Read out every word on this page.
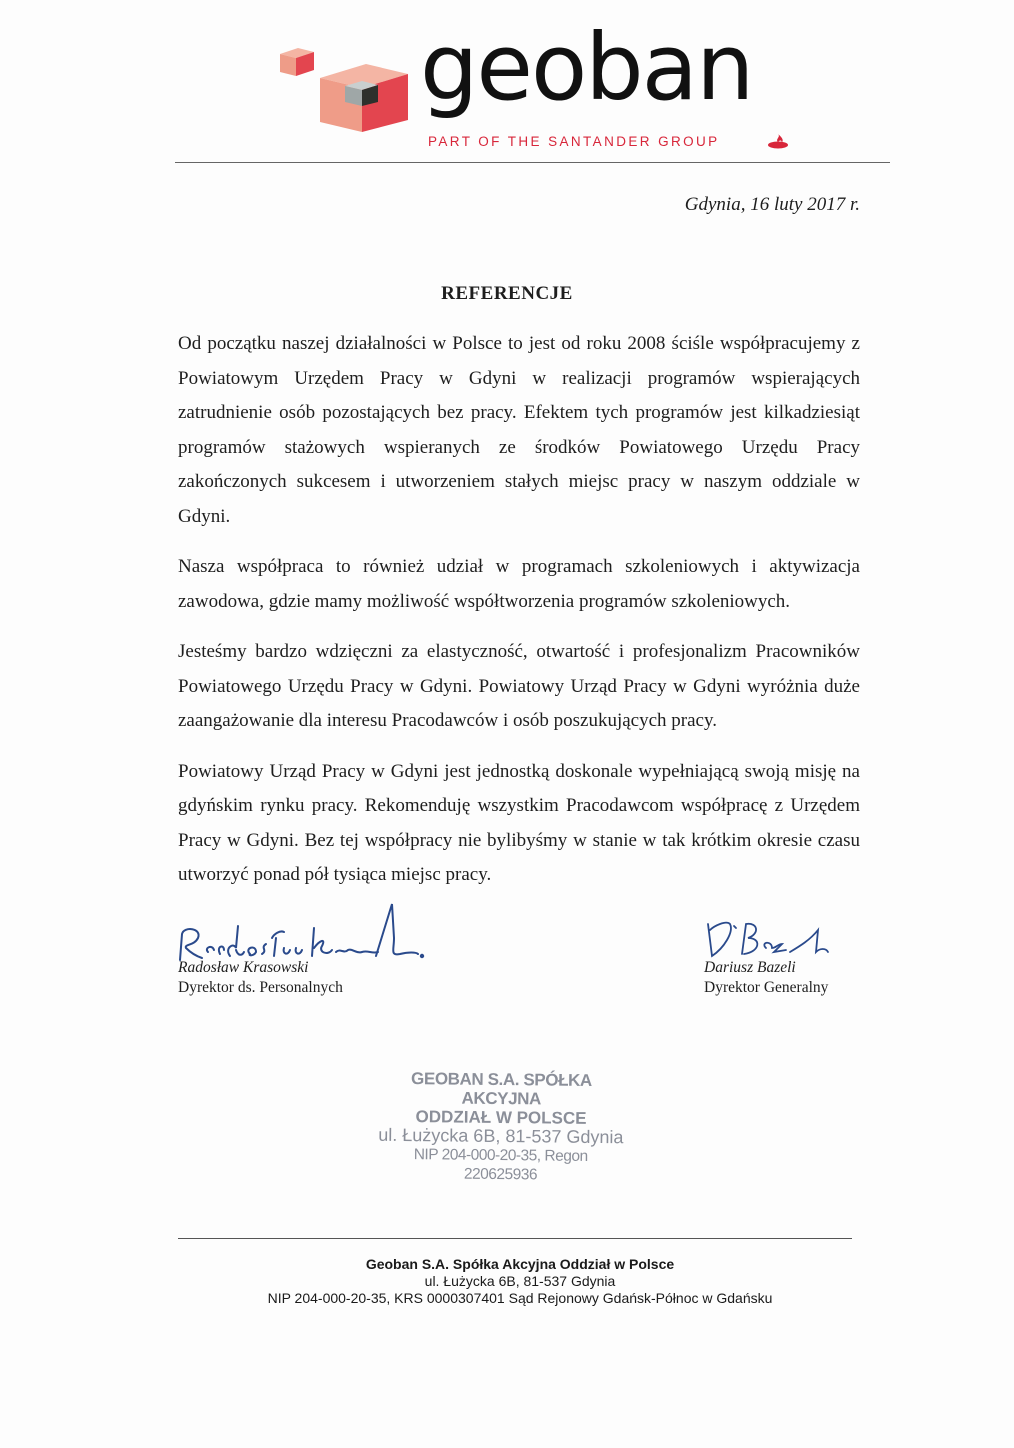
geoban
PART OF THE SANTANDER GROUP
Gdynia, 16 luty 2017 r.
REFERENCJE

Od początku naszej działalności w Polsce to jest od roku 2008 ściśle współpracujemy z Powiatowym Urzędem Pracy w Gdyni w realizacji programów wspierających zatrudnienie osób pozostających bez pracy. Efektem tych programów jest kilkadziesiąt programów stażowych wspieranych ze środków Powiatowego Urzędu Pracy zakończonych sukcesem i utworzeniem stałych miejsc pracy w naszym oddziale w Gdyni.

Nasza współpraca to również udział w programach szkoleniowych i aktywizacja zawodowa, gdzie mamy możliwość współtworzenia programów szkoleniowych.

Jesteśmy bardzo wdzięczni za elastyczność, otwartość i profesjonalizm Pracowników Powiatowego Urzędu Pracy w Gdyni. Powiatowy Urząd Pracy w Gdyni wyróżnia duże zaangażowanie dla interesu Pracodawców i osób poszukujących pracy.

Powiatowy Urząd Pracy w Gdyni jest jednostką doskonale wypełniającą swoją misję na gdyńskim rynku pracy. Rekomenduję wszystkim Pracodawcom współpracę z Urzędem Pracy w Gdyni. Bez tej współpracy nie bylibyśmy w stanie w tak krótkim okresie czasu utworzyć ponad pół tysiąca miejsc pracy.

Radosław Krasowski
Dyrektor ds. Personalnych
Dariusz Bazeli
Dyrektor Generalny
GEOBAN S.A. SPÓŁKA AKCYJNA
ODDZIAŁ W POLSCE
ul. Łużycka 6B, 81-537 Gdynia
NIP 204-000-20-35, Regon 220625936
Geoban S.A. Spółka Akcyjna Oddział w Polsce
ul. Łużycka 6B, 81-537 Gdynia
NIP 204-000-20-35, KRS 0000307401 Sąd Rejonowy Gdańsk-Północ w Gdańsku
